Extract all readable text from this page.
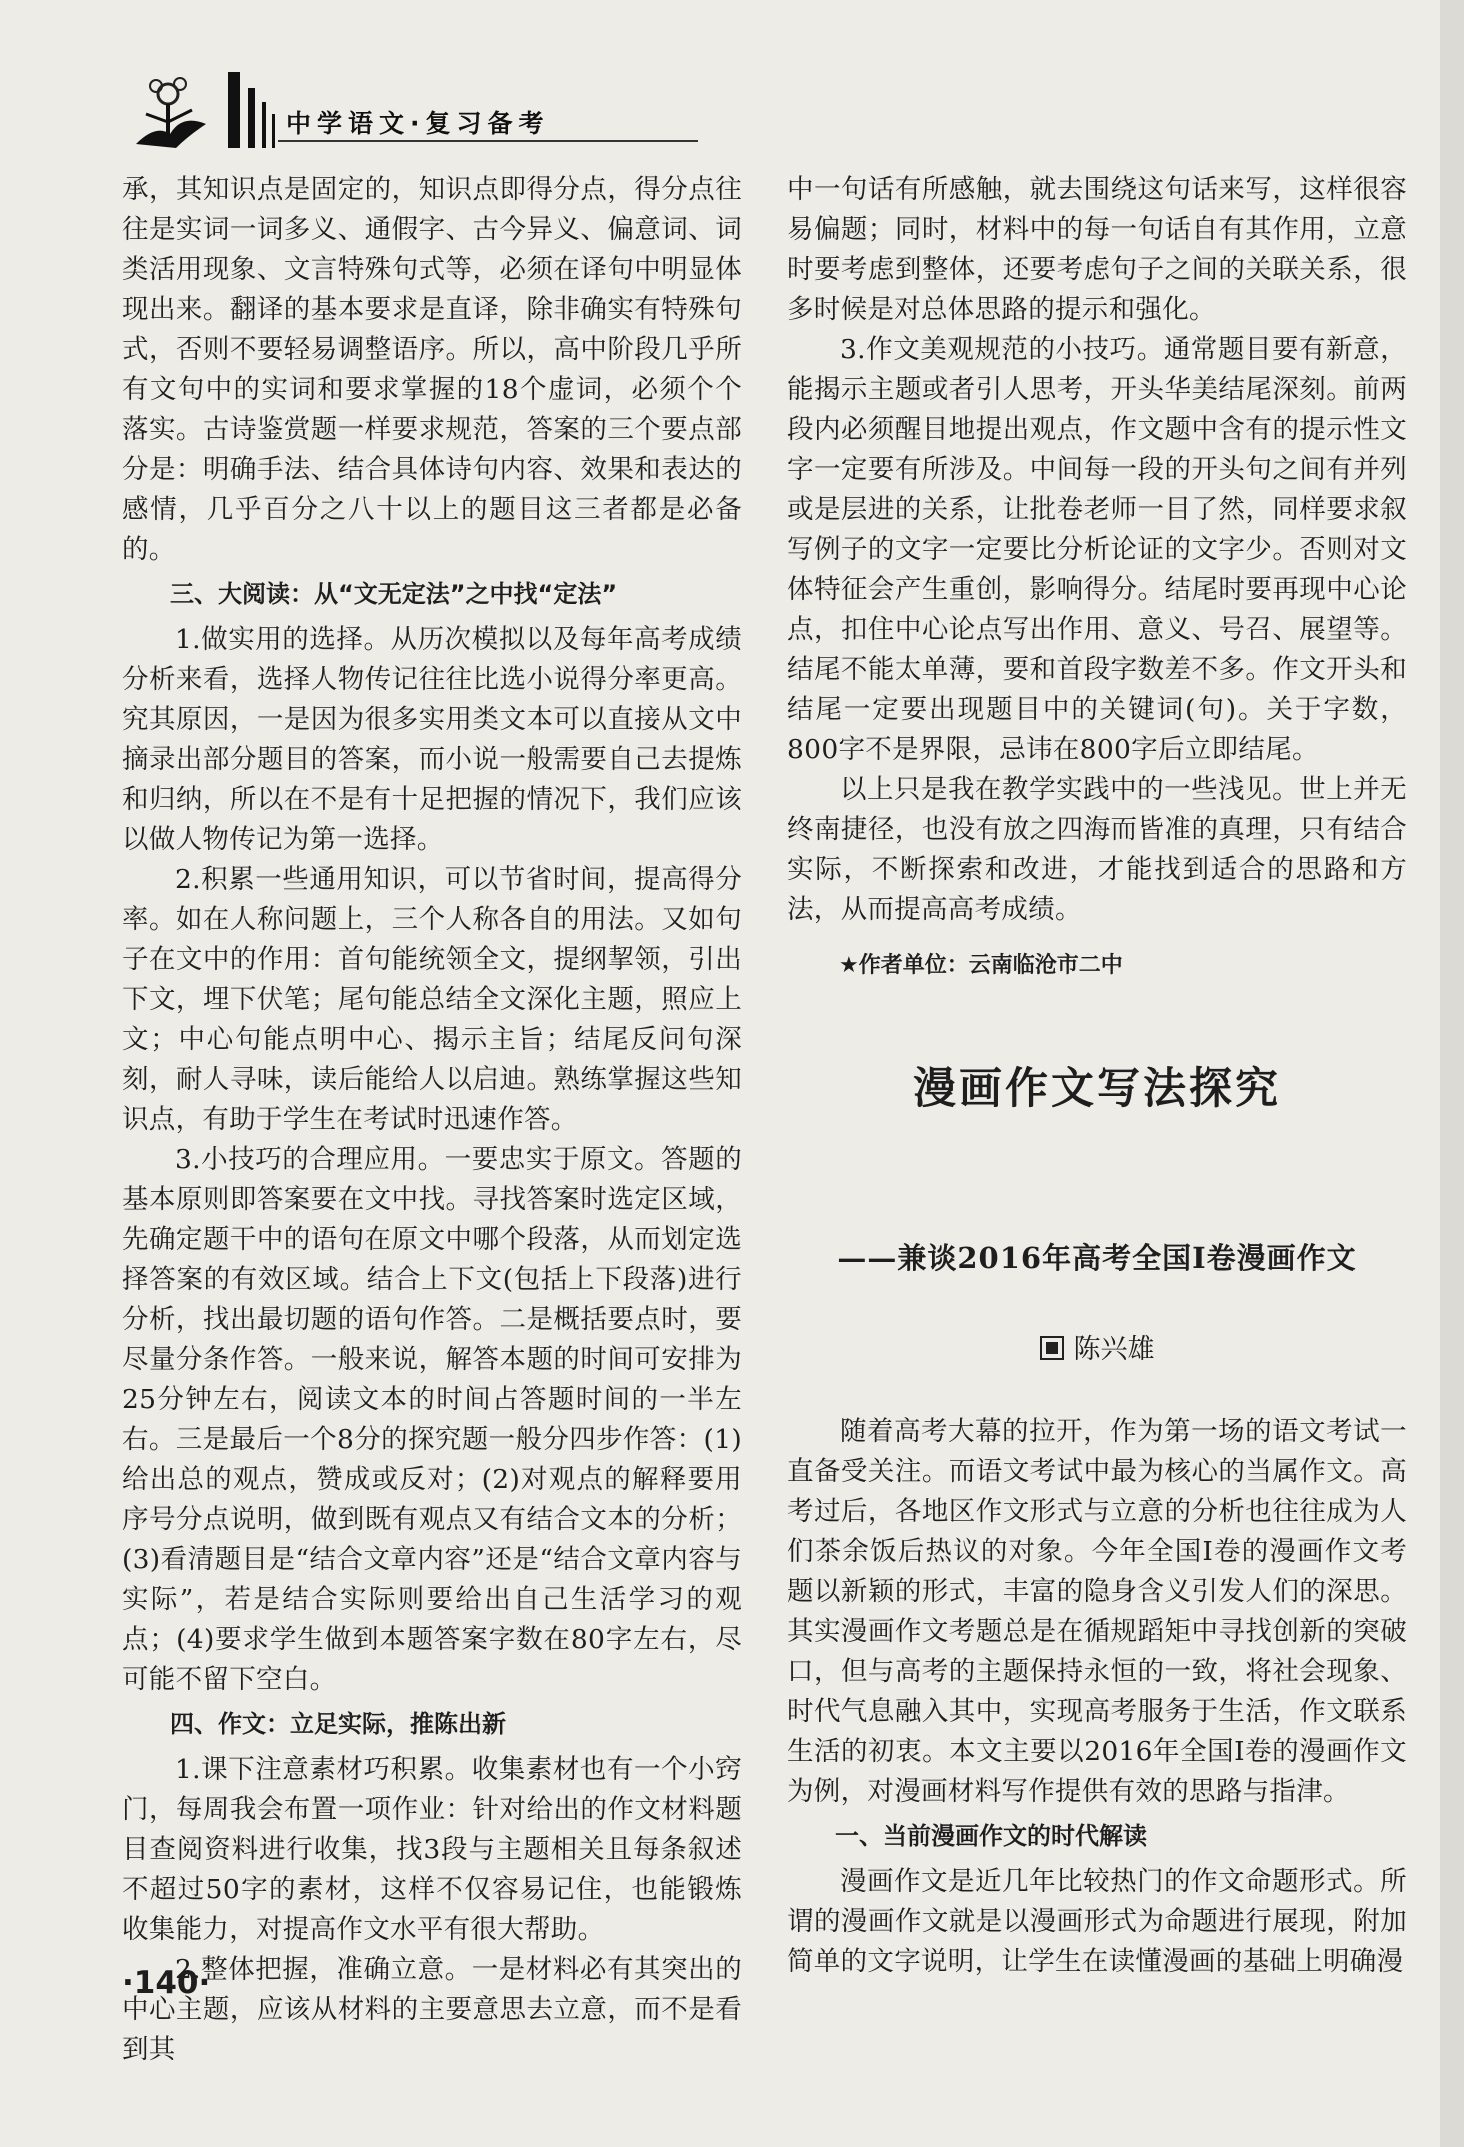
中学语文·复习备考

承，其知识点是固定的，知识点即得分点，得分点往往是实词一词多义、通假字、古今异义、偏意词、词类活用现象、文言特殊句式等，必须在译句中明显体现出来。翻译的基本要求是直译，除非确实有特殊句式，否则不要轻易调整语序。所以，高中阶段几乎所有文句中的实词和要求掌握的18个虚词，必须个个落实。古诗鉴赏题一样要求规范，答案的三个要点部分是：明确手法、结合具体诗句内容、效果和表达的感情，几乎百分之八十以上的题目这三者都是必备的。

三、大阅读：从“文无定法”之中找“定法”

1.做实用的选择。从历次模拟以及每年高考成绩分析来看，选择人物传记往往比选小说得分率更高。究其原因，一是因为很多实用类文本可以直接从文中摘录出部分题目的答案，而小说一般需要自己去提炼和归纳，所以在不是有十足把握的情况下，我们应该以做人物传记为第一选择。

2.积累一些通用知识，可以节省时间，提高得分率。如在人称问题上，三个人称各自的用法。又如句子在文中的作用：首句能统领全文，提纲挈领，引出下文，埋下伏笔；尾句能总结全文深化主题，照应上文；中心句能点明中心、揭示主旨；结尾反问句深刻，耐人寻味，读后能给人以启迪。熟练掌握这些知识点，有助于学生在考试时迅速作答。

3.小技巧的合理应用。一要忠实于原文。答题的基本原则即答案要在文中找。寻找答案时选定区域，先确定题干中的语句在原文中哪个段落，从而划定选择答案的有效区域。结合上下文(包括上下段落)进行分析，找出最切题的语句作答。二是概括要点时，要尽量分条作答。一般来说，解答本题的时间可安排为25分钟左右，阅读文本的时间占答题时间的一半左右。三是最后一个8分的探究题一般分四步作答：(1)给出总的观点，赞成或反对；(2)对观点的解释要用序号分点说明，做到既有观点又有结合文本的分析；(3)看清题目是“结合文章内容”还是“结合文章内容与实际”，若是结合实际则要给出自己生活学习的观点；(4)要求学生做到本题答案字数在80字左右，尽可能不留下空白。

四、作文：立足实际，推陈出新

1.课下注意素材巧积累。收集素材也有一个小窍门，每周我会布置一项作业：针对给出的作文材料题目查阅资料进行收集，找3段与主题相关且每条叙述不超过50字的素材，这样不仅容易记住，也能锻炼收集能力，对提高作文水平有很大帮助。

2.整体把握，准确立意。一是材料必有其突出的中心主题，应该从材料的主要意思去立意，而不是看到其

中一句话有所感触，就去围绕这句话来写，这样很容易偏题；同时，材料中的每一句话自有其作用，立意时要考虑到整体，还要考虑句子之间的关联关系，很多时候是对总体思路的提示和强化。

3.作文美观规范的小技巧。通常题目要有新意，能揭示主题或者引人思考，开头华美结尾深刻。前两段内必须醒目地提出观点，作文题中含有的提示性文字一定要有所涉及。中间每一段的开头句之间有并列或是层进的关系，让批卷老师一目了然，同样要求叙写例子的文字一定要比分析论证的文字少。否则对文体特征会产生重创，影响得分。结尾时要再现中心论点，扣住中心论点写出作用、意义、号召、展望等。结尾不能太单薄，要和首段字数差不多。作文开头和结尾一定要出现题目中的关键词(句)。关于字数，800字不是界限，忌讳在800字后立即结尾。

以上只是我在教学实践中的一些浅见。世上并无终南捷径，也没有放之四海而皆准的真理，只有结合实际，不断探索和改进，才能找到适合的思路和方法，从而提高高考成绩。

★作者单位：云南临沧市二中
漫画作文写法探究
——兼谈2016年高考全国Ⅰ卷漫画作文
陈兴雄

随着高考大幕的拉开，作为第一场的语文考试一直备受关注。而语文考试中最为核心的当属作文。高考过后，各地区作文形式与立意的分析也往往成为人们茶余饭后热议的对象。今年全国Ⅰ卷的漫画作文考题以新颖的形式，丰富的隐身含义引发人们的深思。其实漫画作文考题总是在循规蹈矩中寻找创新的突破口，但与高考的主题保持永恒的一致，将社会现象、时代气息融入其中，实现高考服务于生活，作文联系生活的初衷。本文主要以2016年全国Ⅰ卷的漫画作文为例，对漫画材料写作提供有效的思路与指津。

一、当前漫画作文的时代解读

漫画作文是近几年比较热门的作文命题形式。所谓的漫画作文就是以漫画形式为命题进行展现，附加简单的文字说明，让学生在读懂漫画的基础上明确漫

·140·
